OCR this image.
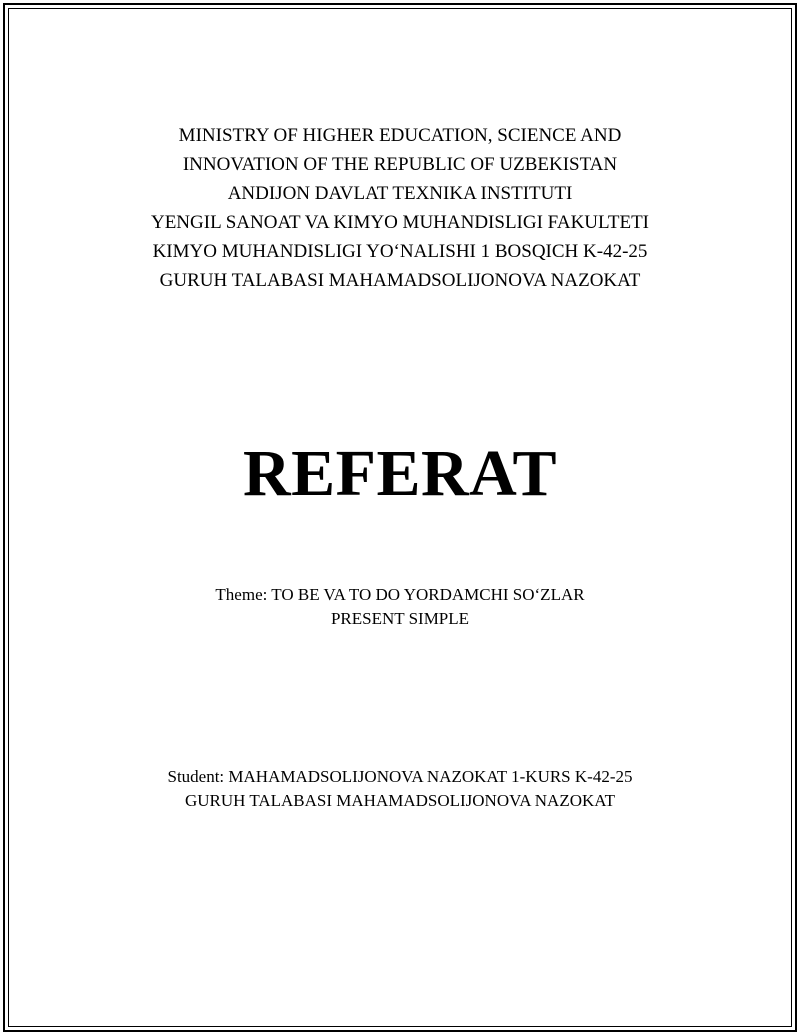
MINISTRY OF HIGHER EDUCATION, SCIENCE AND
INNOVATION OF THE REPUBLIC OF UZBEKISTAN
ANDIJON DAVLAT TEXNIKA INSTITUTI
YENGIL SANOAT VA KIMYO MUHANDISLIGI FAKULTETI
KIMYO MUHANDISLIGI YO‘NALISHI 1 BOSQICH K-42-25
GURUH TALABASI MAHAMADSOLIJONOVA NAZOKAT
REFERAT
Theme: TO BE VA TO DO YORDAMCHI SO‘ZLAR
PRESENT SIMPLE
Student: MAHAMADSOLIJONOVA NAZOKAT 1-KURS K-42-25
GURUH TALABASI MAHAMADSOLIJONOVA NAZOKAT
